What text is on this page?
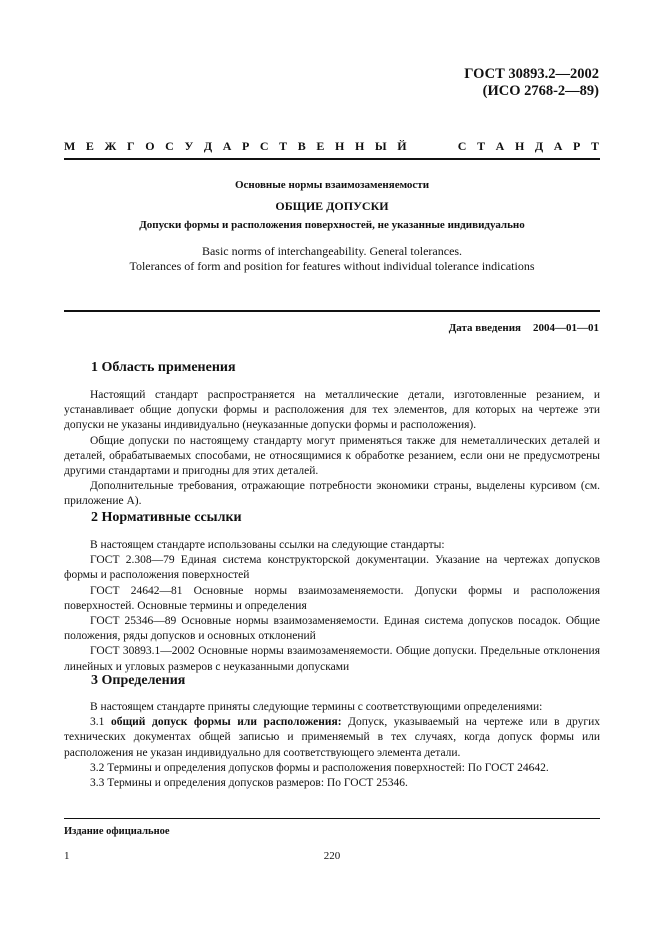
ГОСТ 30893.2—2002
(ИСО 2768-2—89)
М Е Ж Г О С У Д А Р С Т В Е Н Н Ы Й	С Т А Н Д А Р Т
Основные нормы взаимозаменяемости
ОБЩИЕ ДОПУСКИ
Допуски формы и расположения поверхностей, не указанные индивидуально
Basic norms of interchangeability. General tolerances.
Tolerances of form and position for features without individual tolerance indications
Дата введения 2004—01—01
1 Область применения

Настоящий стандарт распространяется на металлические детали, изготовленные резанием, и устанавливает общие допуски формы и расположения для тех элементов, для которых на чертеже эти допуски не указаны индивидуально (неуказанные допуски формы и расположения).

Общие допуски по настоящему стандарту могут применяться также для неметаллических деталей и деталей, обрабатываемых способами, не относящимися к обработке резанием, если они не предусмотрены другими стандартами и пригодны для этих деталей.

Дополнительные требования, отражающие потребности экономики страны, выделены курсивом (см. приложение А).

2 Нормативные ссылки

В настоящем стандарте использованы ссылки на следующие стандарты:

ГОСТ 2.308—79 Единая система конструкторской документации. Указание на чертежах допусков формы и расположения поверхностей

ГОСТ 24642—81 Основные нормы взаимозаменяемости. Допуски формы и расположения поверхностей. Основные термины и определения

ГОСТ 25346—89 Основные нормы взаимозаменяемости. Единая система допусков посадок. Общие положения, ряды допусков и основных отклонений

ГОСТ 30893.1—2002 Основные нормы взаимозаменяемости. Общие допуски. Предельные отклонения линейных и угловых размеров с неуказанными допусками

3 Определения

В настоящем стандарте приняты следующие термины с соответствующими определениями:

3.1 общий допуск формы или расположения: Допуск, указываемый на чертеже или в других технических документах общей записью и применяемый в тех случаях, когда допуск формы или расположения не указан индивидуально для соответствующего элемента детали.

3.2 Термины и определения допусков формы и расположения поверхностей: По ГОСТ 24642.

3.3 Термины и определения допусков размеров: По ГОСТ 25346.

Издание официальное
1	220
